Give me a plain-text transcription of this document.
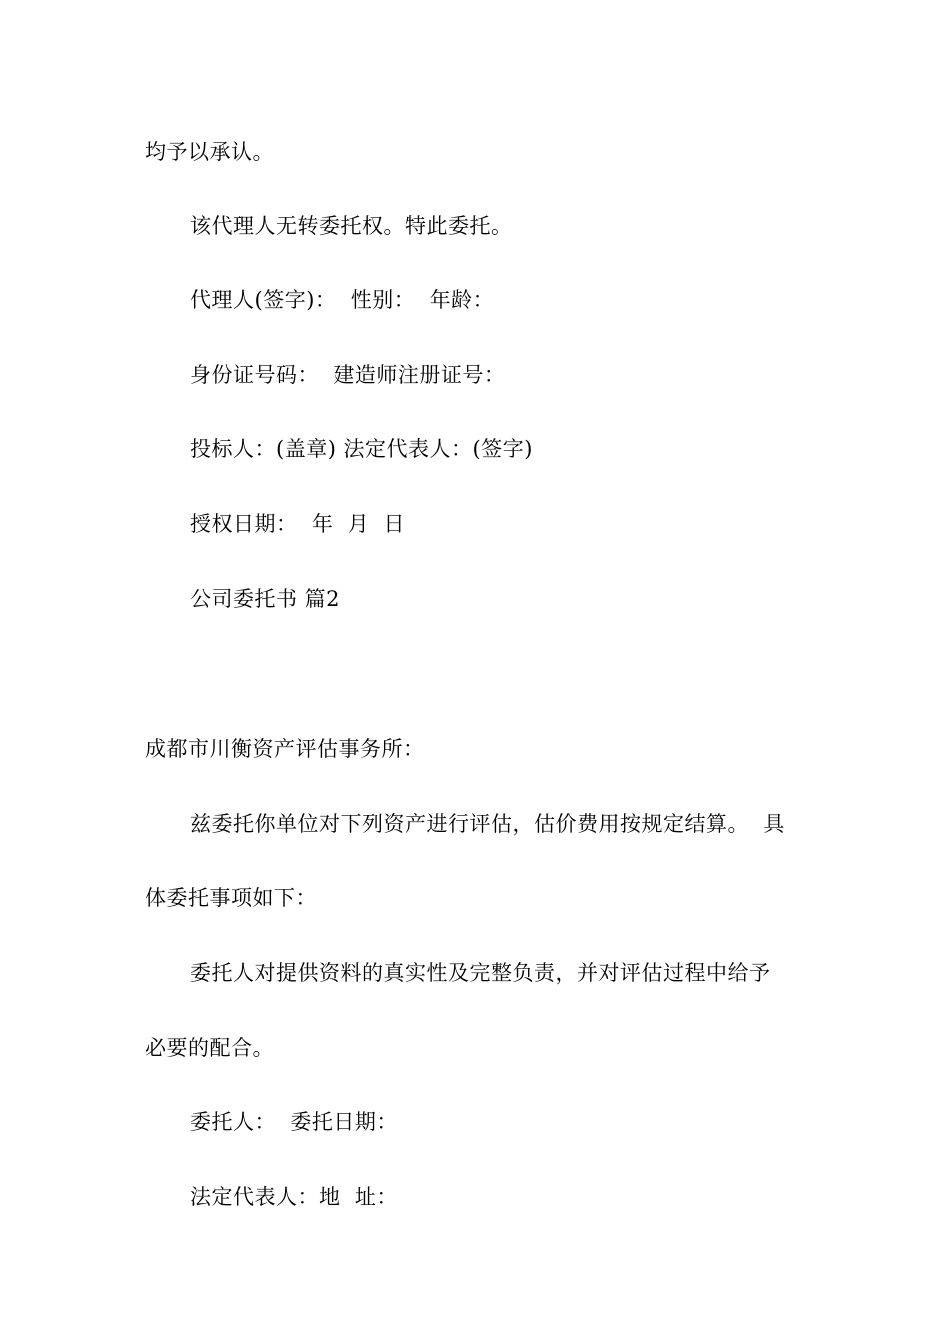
均予以承认。
该代理人无转委托权。特此委托。
代理人(签字)：  性别：  年龄：
身份证号码：  建造师注册证号：
投标人：(盖章) 法定代表人：(签字)
授权日期：  年  月  日
公司委托书 篇2
成都市川衡资产评估事务所：
兹委托你单位对下列资产进行评估，估价费用按规定结算。  具
体委托事项如下：
委托人对提供资料的真实性及完整负责，并对评估过程中给予
必要的配合。
委托人：  委托日期：
法定代表人：地  址：
